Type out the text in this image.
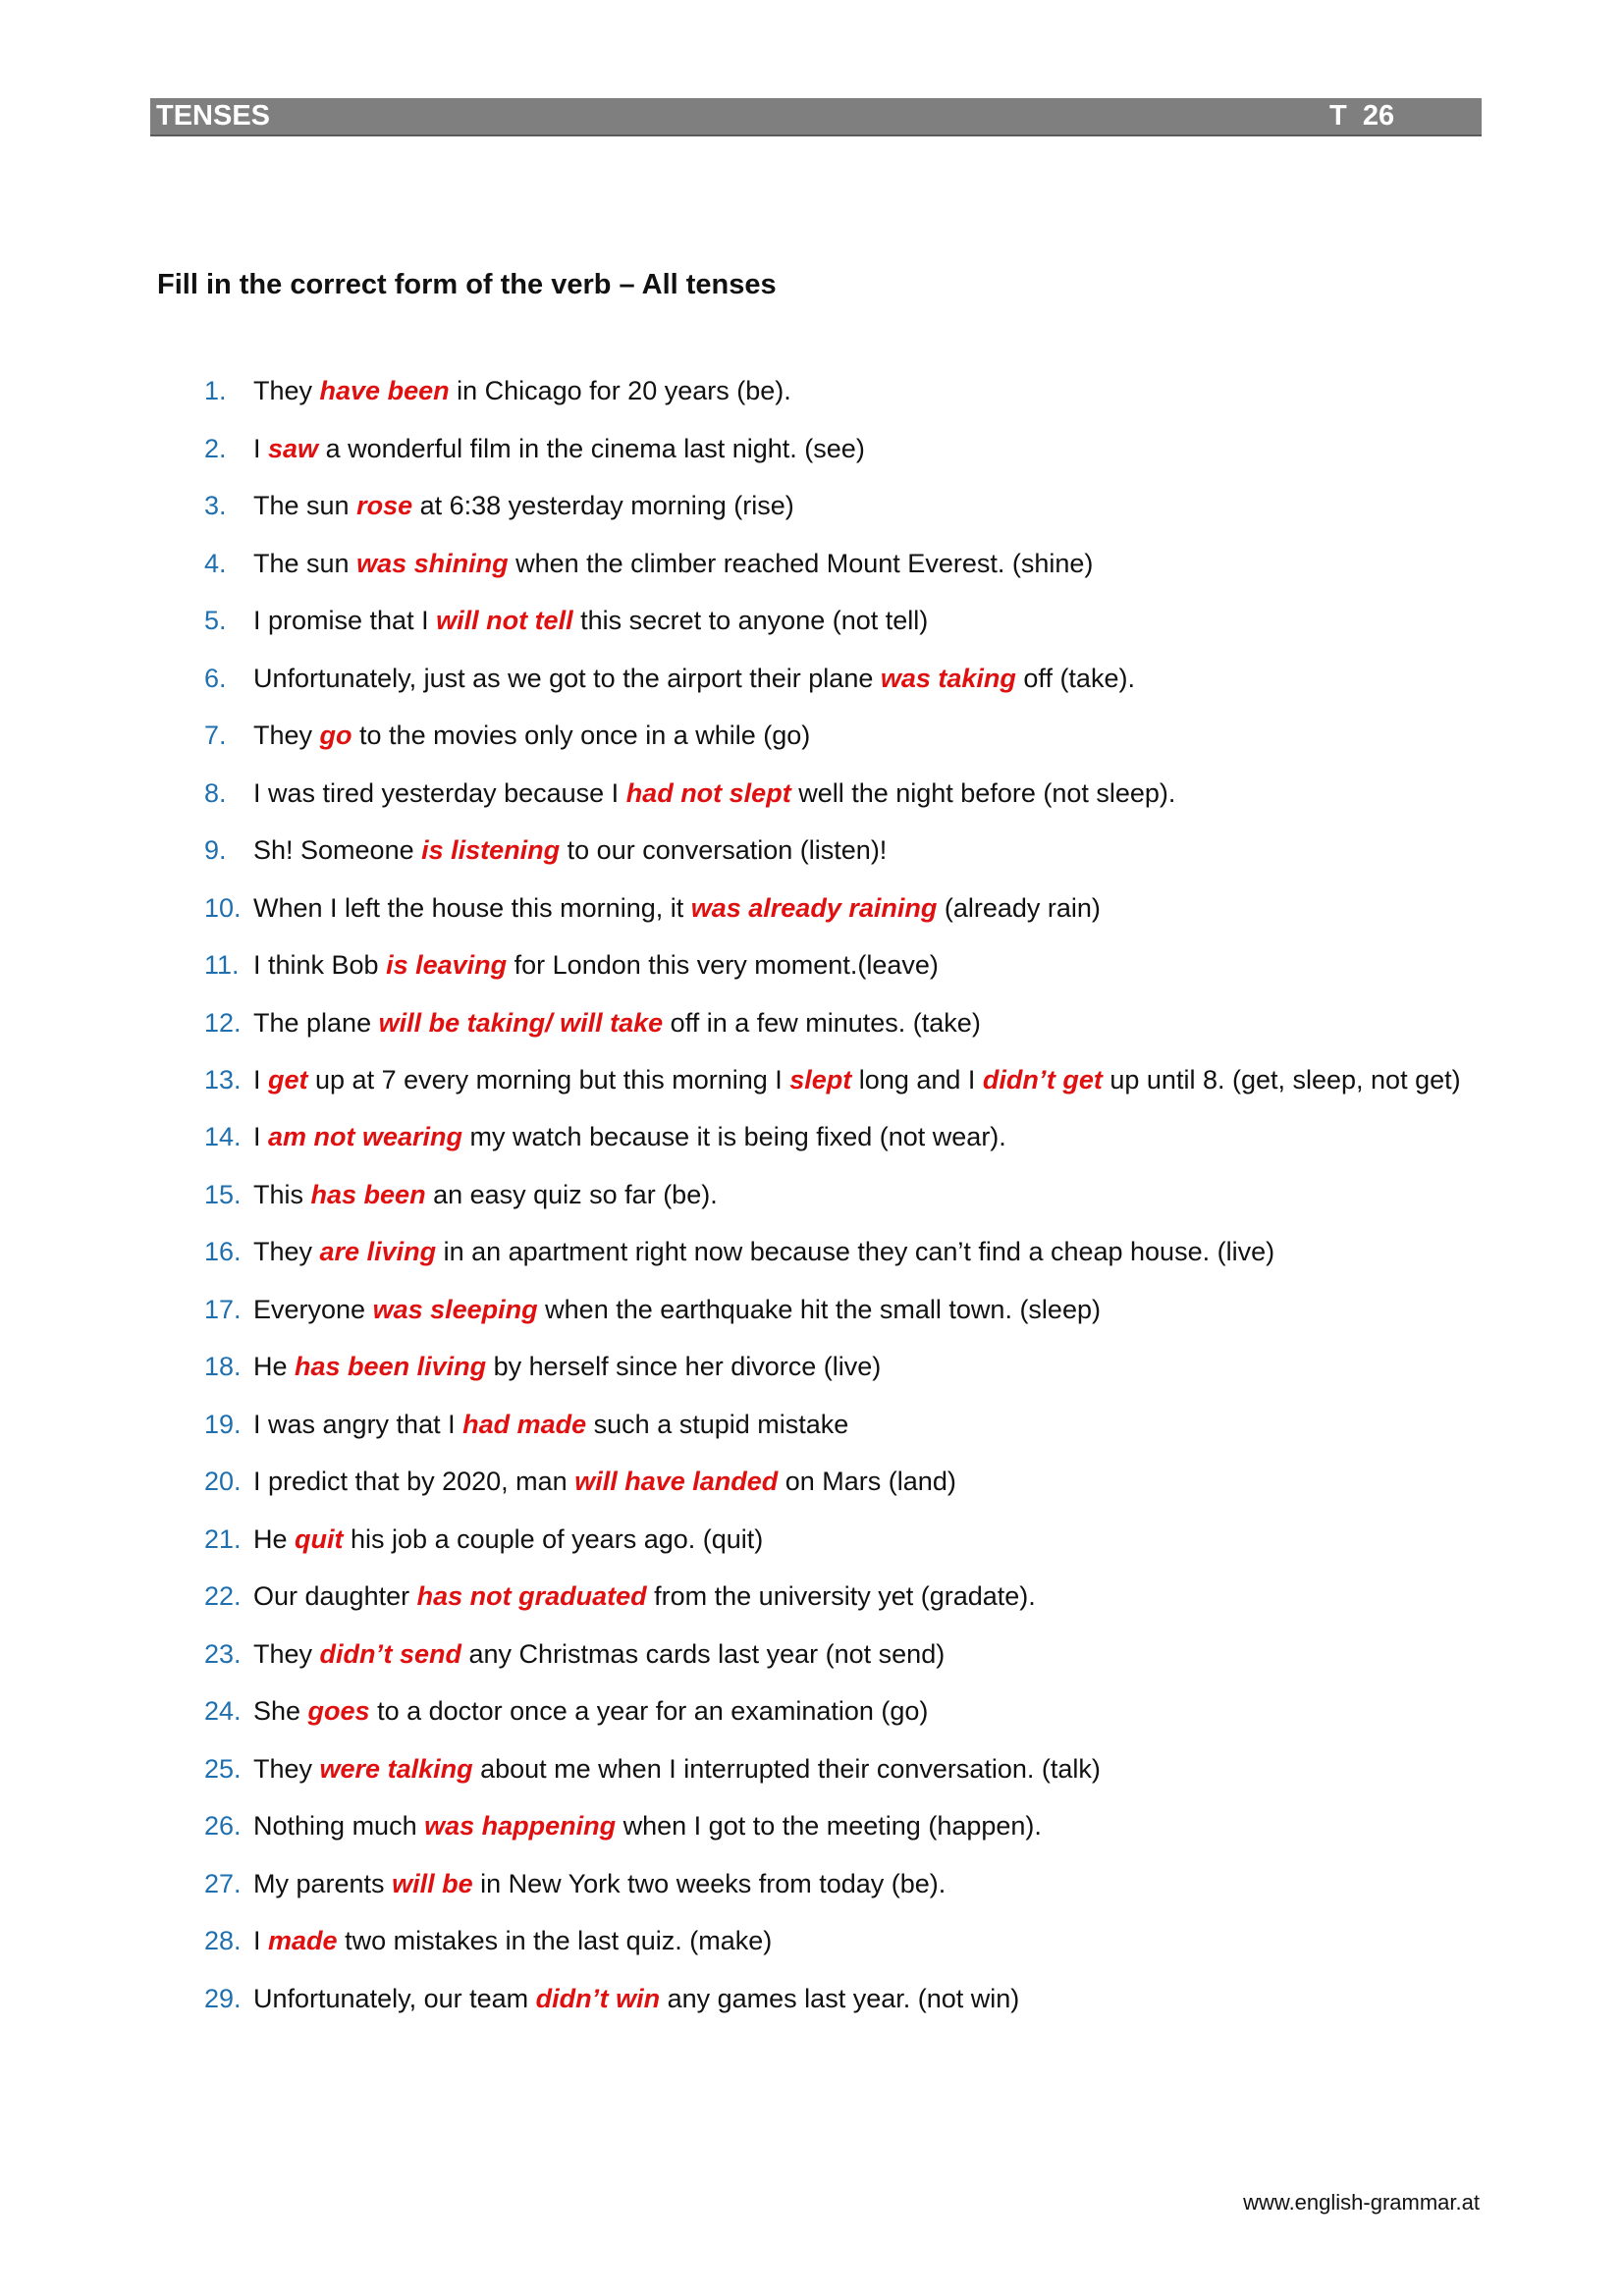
TENSES	T  26
Fill in the correct form of the verb – All tenses
1. They have been in Chicago for 20 years (be).
2. I saw a wonderful film in the cinema last night. (see)
3. The sun rose at 6:38 yesterday morning (rise)
4. The sun was shining when the climber reached Mount Everest. (shine)
5. I promise that I will not tell this secret to anyone (not tell)
6. Unfortunately, just as we got to the airport their plane was taking off (take).
7. They go to the movies only once in a while (go)
8. I was tired yesterday because I had not slept well the night before (not sleep).
9. Sh! Someone is listening to our conversation (listen)!
10. When I left the house this morning, it was already raining (already rain)
11. I think Bob is leaving for London this very moment.(leave)
12. The plane will be taking/ will take off in a few minutes. (take)
13. I get up at 7 every morning but this morning I slept long and I didn’t get up until 8. (get, sleep, not get)
14. I am not wearing my watch because it is being fixed (not wear).
15. This has been an easy quiz so far (be).
16. They are living in an apartment right now because they can’t find a cheap house. (live)
17. Everyone was sleeping when the earthquake hit the small town. (sleep)
18. He has been living by herself since her divorce (live)
19. I was angry that I had made such a stupid mistake
20. I predict that by 2020, man will have landed on Mars (land)
21. He quit his job a couple of years ago. (quit)
22. Our daughter has not graduated from the university yet (gradate).
23. They didn’t send any Christmas cards last year (not send)
24. She goes to a doctor once a year for an examination (go)
25. They were talking about me when I interrupted their conversation. (talk)
26. Nothing much was happening when I got to the meeting (happen).
27. My parents will be in New York two weeks from today (be).
28. I made two mistakes in the last quiz. (make)
29. Unfortunately, our team didn’t win any games last year. (not win)
www.english-grammar.at
